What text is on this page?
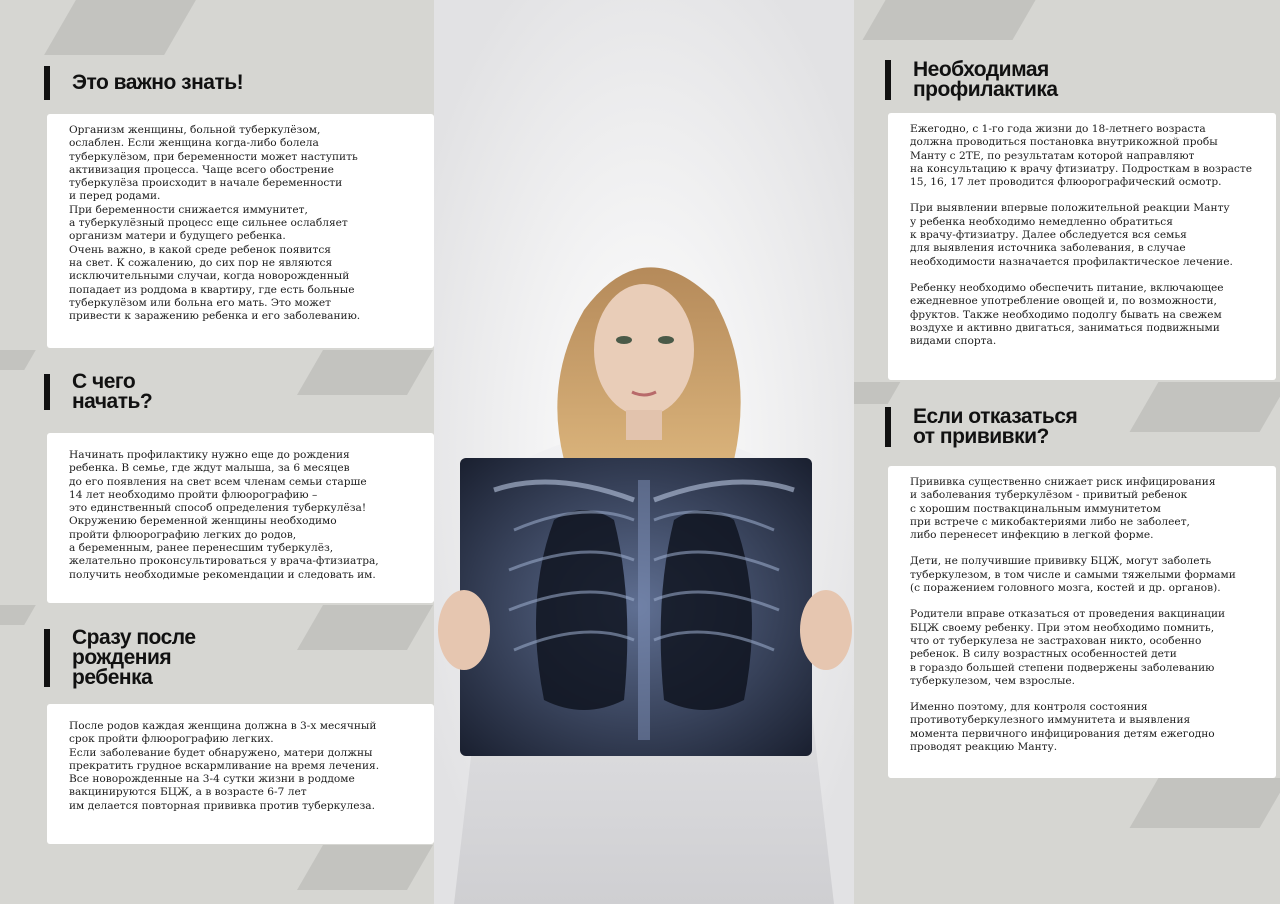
Это важно знать!

Организм женщины, больной туберкулёзом,
ослаблен. Если женщина когда-либо болела
туберкулёзом, при беременности может наступить
активизация процесса. Чаще всего обострение
туберкулёза происходит в начале беременности
и перед родами.
При беременности снижается иммунитет,
а туберкулёзный процесс еще сильнее ослабляет
организм матери и будущего ребенка.
Очень важно, в какой среде ребенок появится
на свет. К сожалению, до сих пор не являются
исключительными случаи, когда новорожденный
попадает из роддома в квартиру, где есть больные
туберкулёзом или больна его мать. Это может
привести к заражению ребенка и его заболеванию.

С чего
начать?

Начинать профилактику нужно еще до рождения
ребенка. В семье, где ждут малыша, за 6 месяцев
до его появления на свет всем членам семьи старше
14 лет необходимо пройти флюорографию –
это единственный способ определения туберкулёза!
Окружению беременной женщины необходимо
пройти флюорографию легких до родов,
а беременным, ранее перенесшим туберкулёз,
желательно проконсультироваться у врача-фтизиатра,
получить необходимые рекомендации и следовать им.

Сразу после
рождения
ребенка

После родов каждая женщина должна в 3-х месячный
срок пройти флюорографию легких.
Если заболевание будет обнаружено, матери должны
прекратить грудное вскармливание на время лечения.
Все новорожденные на 3-4 сутки жизни в роддоме
вакцинируются БЦЖ, а в возрасте 6-7 лет
им делается повторная прививка против туберкулеза.

Необходимая
профилактика

Ежегодно, с 1-го года жизни до 18-летнего возраста
должна проводиться постановка внутрикожной пробы
Манту с 2ТЕ, по результатам которой направляют
на консультацию к врачу фтизиатру. Подросткам в возрасте
15, 16, 17 лет проводится флюорографический осмотр.

При выявлении впервые положительной реакции Манту
у ребенка необходимо немедленно обратиться
к врачу-фтизиатру. Далее обследуется вся семья
для выявления источника заболевания, в случае
необходимости назначается профилактическое лечение.

Ребенку необходимо обеспечить питание, включающее
ежедневное употребление овощей и, по возможности,
фруктов. Также необходимо подолгу бывать на свежем
воздухе и активно двигаться, заниматься подвижными
видами спорта.

Если отказаться
от прививки?

Прививка существенно снижает риск инфицирования
и заболевания туберкулёзом - привитый ребенок
с хорошим поствакцинальным иммунитетом
при встрече с микобактериями либо не заболеет,
либо перенесет инфекцию в легкой форме.

Дети, не получившие прививку БЦЖ, могут заболеть
туберкулезом, в том числе и самыми тяжелыми формами
(с поражением головного мозга, костей и др. органов).

Родители вправе отказаться от проведения вакцинации
БЦЖ своему ребенку. При этом необходимо помнить,
что от туберкулеза не застрахован никто, особенно
ребенок. В силу возрастных особенностей дети
в гораздо большей степени подвержены заболеванию
туберкулезом, чем взрослые.

Именно поэтому, для контроля состояния
противотуберкулезного иммунитета и выявления
момента первичного инфицирования детям ежегодно
проводят реакцию Манту.
